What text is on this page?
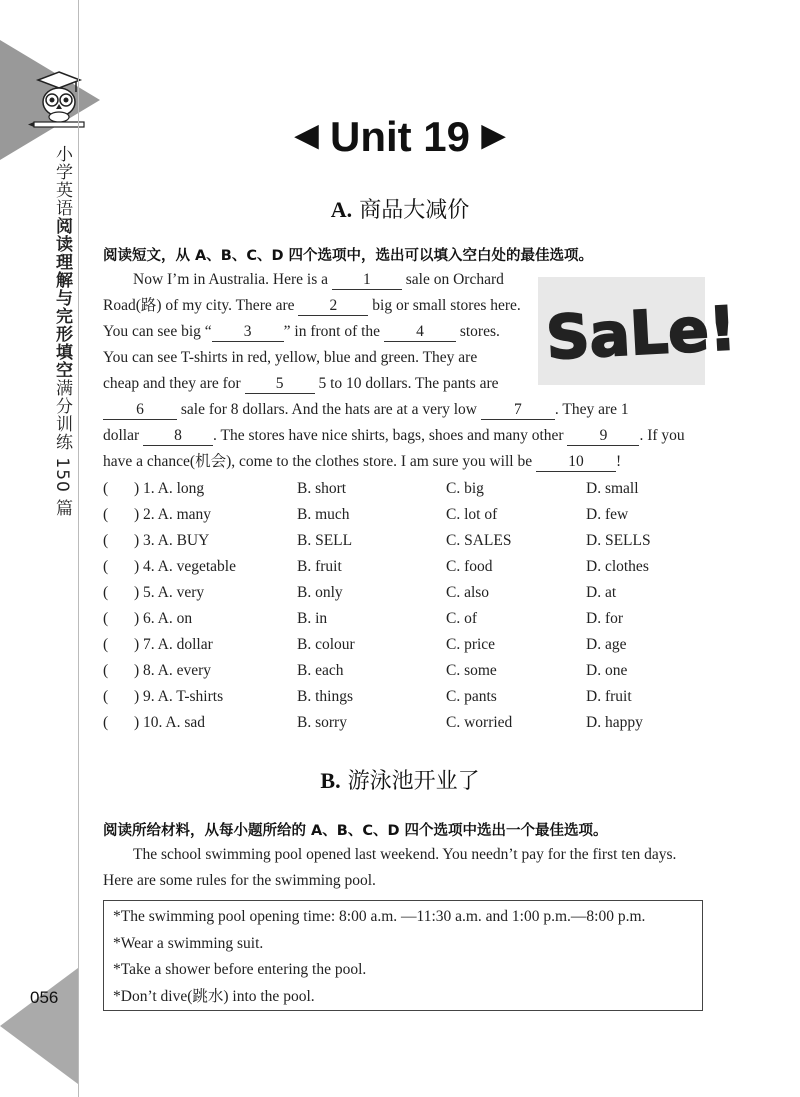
小学英语阅读理解与完形填空满分训练 150 篇
056
◀ Unit 19 ▶
A. 商品大减价
阅读短文，从 A、B、C、D 四个选项中，选出可以填入空白处的最佳选项。
SaLe!
Now I’m in Australia. Here is a 1 sale on Orchard
Road(路) of my city. There are 2 big or small stores here.
You can see big “ 3 ” in front of the 4 stores.
You can see T-shirts in red, yellow, blue and green. They are
cheap and they are for 5 5 to 10 dollars. The pants are
6 sale for 8 dollars. And the hats are at a very low 7 . They are 1
dollar 8 . The stores have nice shirts, bags, shoes and many other 9 . If you
have a chance(机会), come to the clothes store. I am sure you will be 10 !
( ) 1. A. long	B. short	C. big	D. small
( ) 2. A. many	B. much	C. lot of	D. few
( ) 3. A. BUY	B. SELL	C. SALES	D. SELLS
( ) 4. A. vegetable	B. fruit	C. food	D. clothes
( ) 5. A. very	B. only	C. also	D. at
( ) 6. A. on	B. in	C. of	D. for
( ) 7. A. dollar	B. colour	C. price	D. age
( ) 8. A. every	B. each	C. some	D. one
( ) 9. A. T-shirts	B. things	C. pants	D. fruit
( ) 10. A. sad	B. sorry	C. worried	D. happy
B. 游泳池开业了
阅读所给材料，从每小题所给的 A、B、C、D 四个选项中选出一个最佳选项。
The school swimming pool opened last weekend. You needn’t pay for the first ten days.
Here are some rules for the swimming pool.
*The swimming pool opening time: 8:00 a.m. —11:30 a.m. and 1:00 p.m.—8:00 p.m.
*Wear a swimming suit.
*Take a shower before entering the pool.
*Don’t dive(跳水) into the pool.
